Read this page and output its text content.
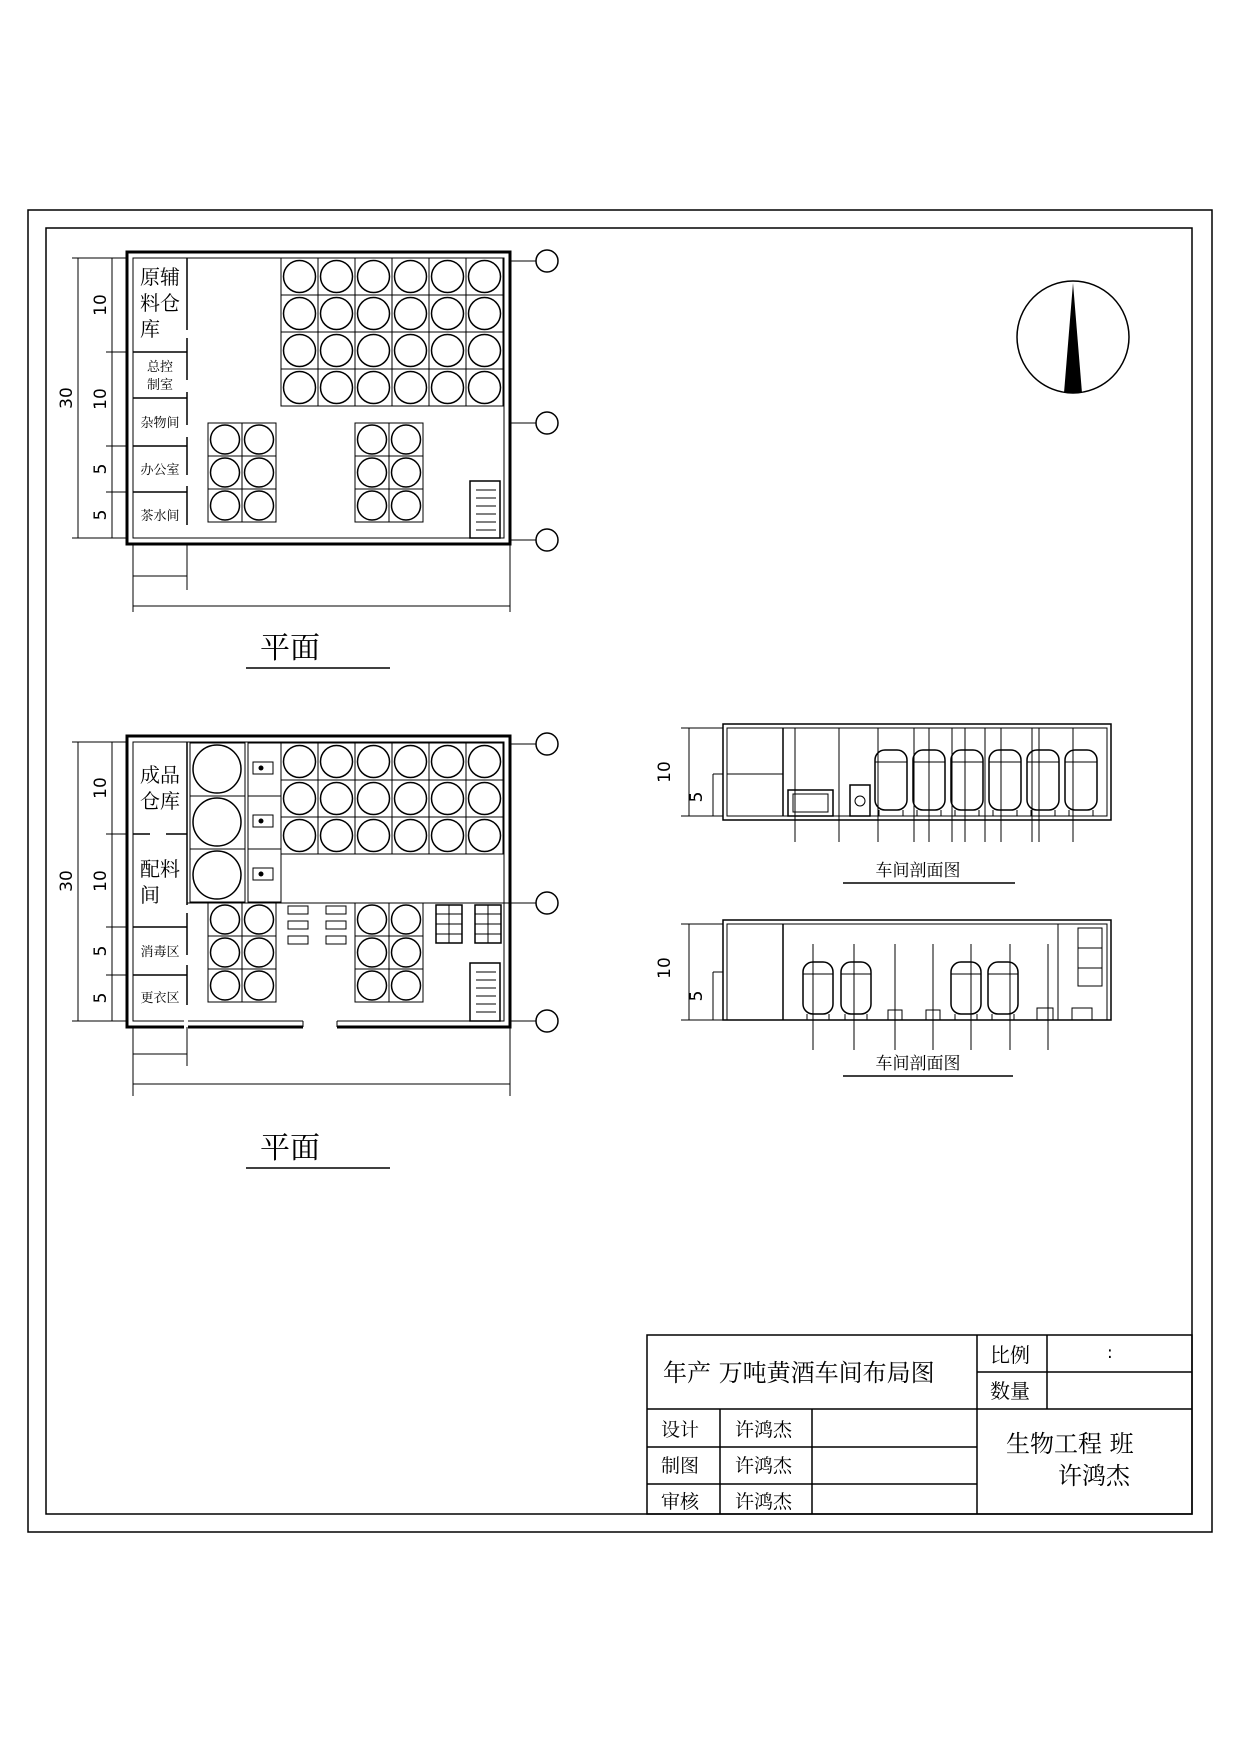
30
10
10
5
5
原辅料仓库
总控制室
杂物间
办公室
茶水间
平面
30
10
10
5
5
成品仓库
配料间
消毒区
更衣区
平面
10
5
车间剖面图
10
5
车间剖面图
年产 万吨黄酒车间布局图
比例	:
数量
设计 许鸿杰
制图 许鸿杰
审核 许鸿杰
生物工程 班
许鸿杰
